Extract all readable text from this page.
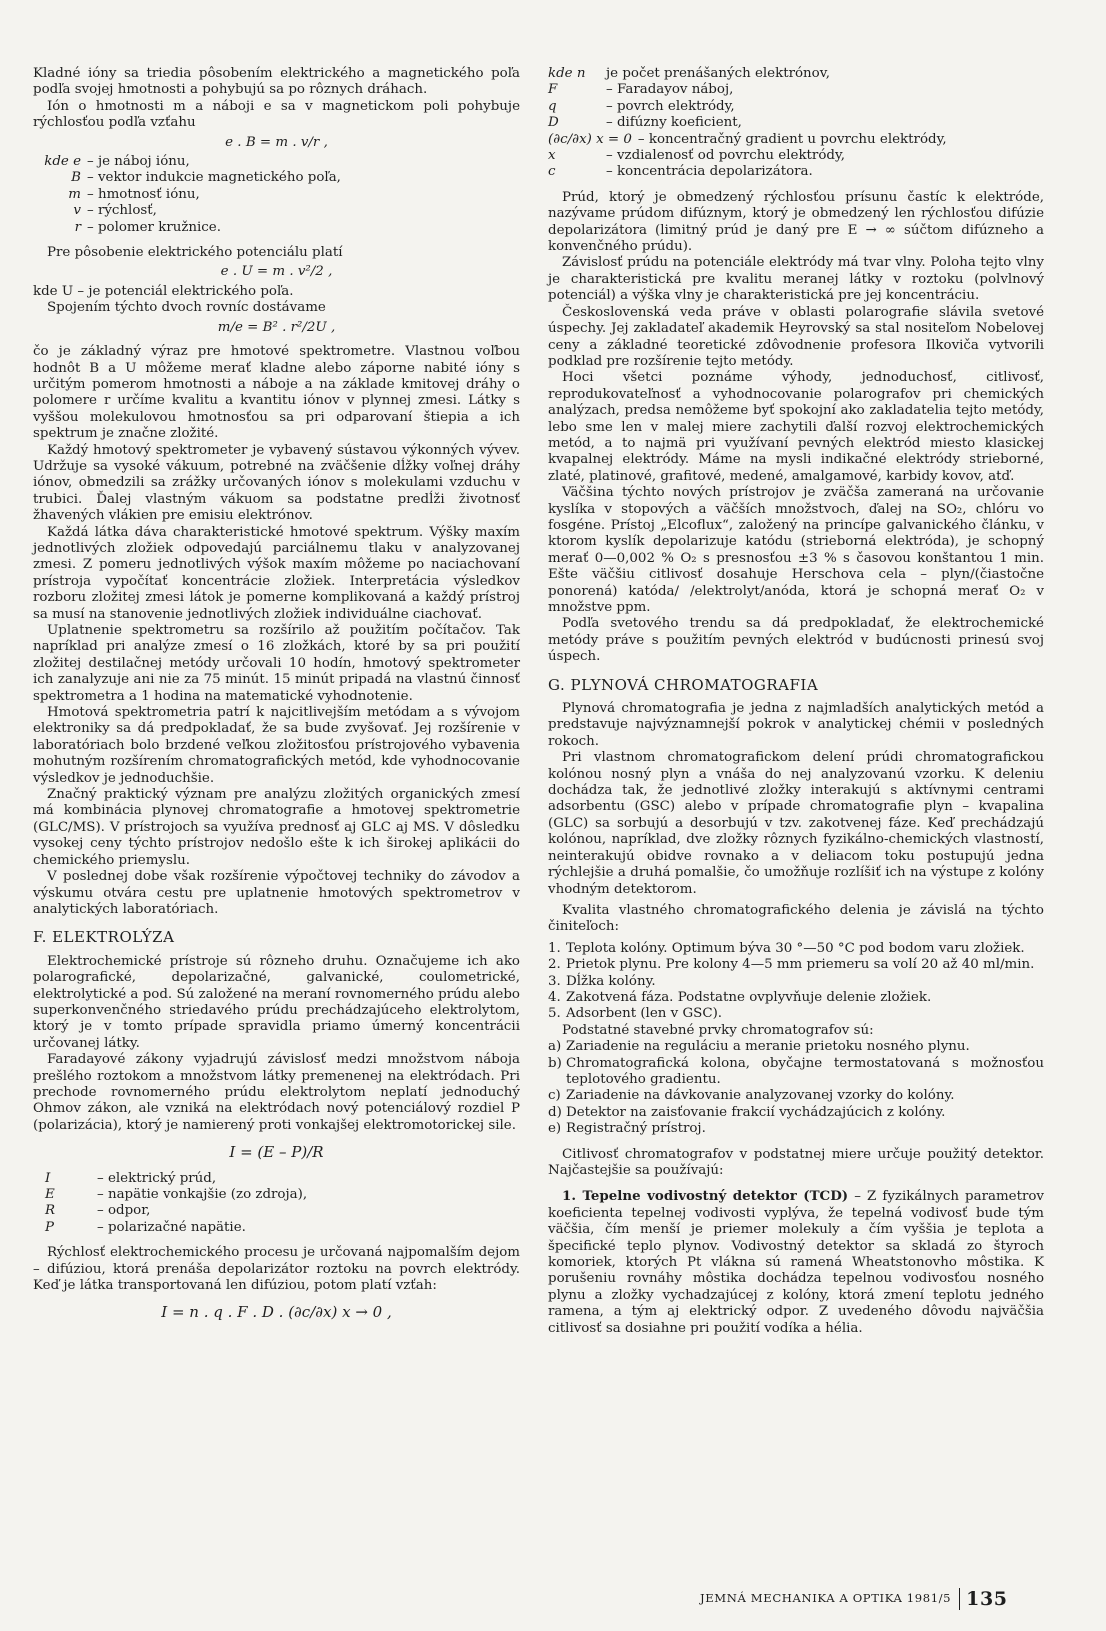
Kladné ióny sa triedia pôsobením elektrického a magnetického poľa podľa svojej hmotnosti a pohybujú sa po rôznych dráhach.

Ión o hmotnosti m a náboji e sa v magnetickom poli pohybuje rýchlosťou podľa vzťahu

e . B = m . v/r ,

kde e – je náboj iónu,
B – vektor indukcie magnetického poľa,
m – hmotnosť iónu,
v – rýchlosť,
r – polomer kružnice.

Pre pôsobenie elektrického potenciálu platí

e . U = m . v²/2 ,

kde U – je potenciál elektrického poľa.

Spojením týchto dvoch rovníc dostávame

m/e = B² . r²/2U ,

čo je základný výraz pre hmotové spektrometre. Vlastnou voľbou hodnôt B a U môžeme merať kladne alebo záporne nabité ióny s určitým pomerom hmotnosti a náboje a na základe kmitovej dráhy o polomere r určíme kvalitu a kvantitu iónov v plynnej zmesi. Látky s vyššou molekulovou hmotnosťou sa pri odparovaní štiepia a ich spektrum je značne zložité.

Každý hmotový spektrometer je vybavený sústavou výkonných vývev. Udržuje sa vysoké vákuum, potrebné na zväčšenie dĺžky voľnej dráhy iónov, obmedzili sa zrážky určovaných iónov s molekulami vzduchu v trubici. Ďalej vlastným vákuom sa podstatne predĺži životnosť žhavených vlákien pre emisiu elektrónov.

Každá látka dáva charakteristické hmotové spektrum. Výšky maxím jednotlivých zložiek odpovedajú parciálnemu tlaku v analyzovanej zmesi. Z pomeru jednotlivých výšok maxím môžeme po naciachovaní prístroja vypočítať koncentrácie zložiek. Interpretácia výsledkov rozboru zložitej zmesi látok je pomerne komplikovaná a každý prístroj sa musí na stanovenie jednotlivých zložiek individuálne ciachovať.

Uplatnenie spektrometru sa rozšírilo až použitím počítačov. Tak napríklad pri analýze zmesí o 16 zložkách, ktoré by sa pri použití zložitej destilačnej metódy určovali 10 hodín, hmotový spektrometer ich zanalyzuje ani nie za 75 minút. 15 minút pripadá na vlastnú činnosť spektrometra a 1 hodina na matematické vyhodnotenie.

Hmotová spektrometria patrí k najcitlivejším metódam a s vývojom elektroniky sa dá predpokladať, že sa bude zvyšovať. Jej rozšírenie v laboratóriach bolo brzdené veľkou zložitosťou prístrojového vybavenia mohutným rozšírením chromatografických metód, kde vyhodnocovanie výsledkov je jednoduchšie.

Značný praktický význam pre analýzu zložitých organických zmesí má kombinácia plynovej chromatografie a hmotovej spektrometrie (GLC/MS). V prístrojoch sa využíva prednosť aj GLC aj MS. V dôsledku vysokej ceny týchto prístrojov nedošlo ešte k ich širokej aplikácii do chemického priemyslu.

V poslednej dobe však rozšírenie výpočtovej techniky do závodov a výskumu otvára cestu pre uplatnenie hmotových spektrometrov v analytických laboratóriach.

F. ELEKTROLÝZA

Elektrochemické prístroje sú rôzneho druhu. Označujeme ich ako polarografické, depolarizačné, galvanické, coulometrické, elektrolytické a pod. Sú založené na meraní rovnomerného prúdu alebo superkonvenčného striedavého prúdu prechádzajúceho elektrolytom, ktorý je v tomto prípade spravidla priamo úmerný koncentrácii určovanej látky.

Faradayové zákony vyjadrujú závislosť medzi množstvom náboja prešlého roztokom a množstvom látky premenenej na elektródach. Pri prechode rovnomerného prúdu elektrolytom neplatí jednoduchý Ohmov zákon, ale vzniká na elektródach nový potenciálový rozdiel P (polarizácia), ktorý je namierený proti vonkajšej elektromotorickej sile.

I = (E – P)/R

I	– elektrický prúd,
E	– napätie vonkajšie (zo zdroja),
R	– odpor,
P	– polarizačné napätie.

Rýchlosť elektrochemického procesu je určovaná najpomalším dejom – difúziou, ktorá prenáša depolarizátor roztoku na povrch elektródy. Keď je látka transportovaná len difúziou, potom platí vzťah:

I = n . q . F . D . (∂c/∂x) x → 0 ,

kde n	je počet prenášaných elektrónov,
F	– Faradayov náboj,
q	– povrch elektródy,
D	– difúzny koeficient,
(∂c/∂x) x = 0 – koncentračný gradient u povrchu elektródy,
x	– vzdialenosť od povrchu elektródy,
c	– koncentrácia depolarizátora.

Prúd, ktorý je obmedzený rýchlosťou prísunu častíc k elektróde, nazývame prúdom difúznym, ktorý je obmedzený len rýchlosťou difúzie depolarizátora (limitný prúd je daný pre E → ∞ súčtom difúzneho a konvenčného prúdu).

Závislosť prúdu na potenciále elektródy má tvar vlny. Poloha tejto vlny je charakteristická pre kvalitu meranej látky v roztoku (polvlnový potenciál) a výška vlny je charakteristická pre jej koncentráciu.

Československá veda práve v oblasti polarografie slávila svetové úspechy. Jej zakladateľ akademik Heyrovský sa stal nositeľom Nobelovej ceny a základné teoretické zdôvodnenie profesora Ilkoviča vytvorili podklad pre rozšírenie tejto metódy.

Hoci všetci poznáme výhody, jednoduchosť, citlivosť, reprodukovateľnosť a vyhodnocovanie polarografov pri chemických analýzach, predsa nemôžeme byť spokojní ako zakladatelia tejto metódy, lebo sme len v malej miere zachytili ďalší rozvoj elektrochemických metód, a to najmä pri využívaní pevných elektród miesto klasickej kvapalnej elektródy. Máme na mysli indikačné elektródy strieborné, zlaté, platinové, grafitové, medené, amalgamové, karbidy kovov, atď.

Väčšina týchto nových prístrojov je zväčša zameraná na určovanie kyslíka v stopových a väčších množstvoch, ďalej na SO₂, chlóru vo fosgéne. Prístoj „Elcoflux“, založený na princípe galvanického článku, v ktorom kyslík depolarizuje katódu (strieborná elektróda), je schopný merať 0—0,002 % O₂ s presnosťou ±3 % s časovou konštantou 1 min. Ešte väčšiu citlivosť dosahuje Herschova cela – plyn/(čiastočne ponorená) katóda/ /elektrolyt/anóda, ktorá je schopná merať O₂ v množstve ppm.

Podľa svetového trendu sa dá predpokladať, že elektrochemické metódy práve s použitím pevných elektród v budúcnosti prinesú svoj úspech.

G. PLYNOVÁ CHROMATOGRAFIA

Plynová chromatografia je jedna z najmladších analytických metód a predstavuje najvýznamnejší pokrok v analytickej chémii v posledných rokoch.

Pri vlastnom chromatografickom delení prúdi chromatografickou kolónou nosný plyn a vnáša do nej analyzovanú vzorku. K deleniu dochádza tak, že jednotlivé zložky interakujú s aktívnymi centrami adsorbentu (GSC) alebo v prípade chromatografie plyn – kvapalina (GLC) sa sorbujú a desorbujú v tzv. zakotvenej fáze. Keď prechádzajú kolónou, napríklad, dve zložky rôznych fyzikálno-chemických vlastností, neinterakujú obidve rovnako a v deliacom toku postupujú jedna rýchlejšie a druhá pomalšie, čo umožňuje rozlíšiť ich na výstupe z kolóny vhodným detektorom.

Kvalita vlastného chromatografického delenia je závislá na týchto činiteľoch:

1. Teplota kolóny. Optimum býva 30 °—50 °C pod bodom varu zložiek.
2. Prietok plynu. Pre kolony 4—5 mm priemeru sa volí 20 až 40 ml/min.
3. Dĺžka kolóny.
4. Zakotvená fáza. Podstatne ovplyvňuje delenie zložiek.
5. Adsorbent (len v GSC).

Podstatné stavebné prvky chromatografov sú:

a) Zariadenie na reguláciu a meranie prietoku nosného plynu.
b) Chromatografická kolona, obyčajne termostatovaná s možnosťou teplotového gradientu.
c) Zariadenie na dávkovanie analyzovanej vzorky do kolóny.
d) Detektor na zaisťovanie frakcií vychádzajúcich z kolóny.
e) Registračný prístroj.

Citlivosť chromatografov v podstatnej miere určuje použitý detektor. Najčastejšie sa používajú:

1. Tepelne vodivostný detektor (TCD) – Z fyzikálnych parametrov koeficienta tepelnej vodivosti vyplýva, že tepelná vodivosť bude tým väčšia, čím menší je priemer molekuly a čím vyššia je teplota a špecifické teplo plynov. Vodivostný detektor sa skladá zo štyroch komoriek, ktorých Pt vlákna sú ramená Wheatstonovho môstika. K porušeniu rovnáhy môstika dochádza tepelnou vodivosťou nosného plynu a zložky vychadzajúcej z kolóny, ktorá zmení teplotu jedného ramena, a tým aj elektrický odpor. Z uvedeného dôvodu najväčšia citlivosť sa dosiahne pri použití vodíka a hélia.

JEMNÁ MECHANIKA A OPTIKA 1981/5 135
